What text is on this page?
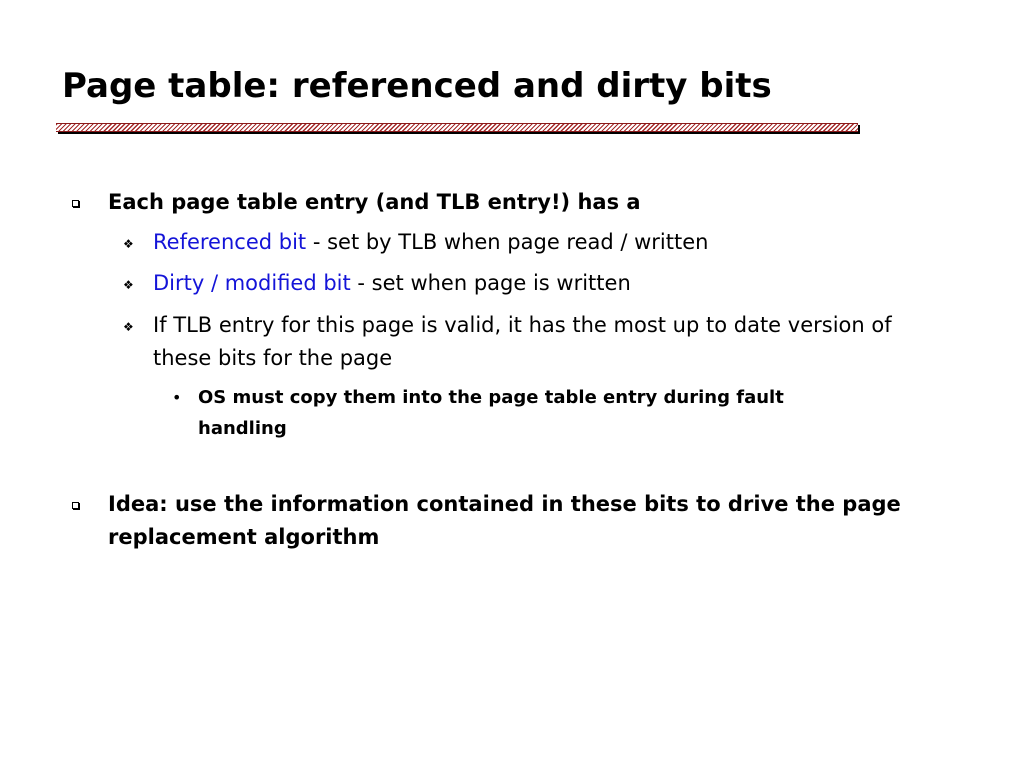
Page table: referenced and dirty bits
Each page table entry (and TLB entry!) has a
❖ Referenced bit - set by TLB when page read / written
❖ Dirty / modified bit - set when page is written
❖ If TLB entry for this page is valid, it has the most up to date version of these bits for the page
• OS must copy them into the page table entry during fault handling
Idea: use the information contained in these bits to drive the page replacement algorithm
